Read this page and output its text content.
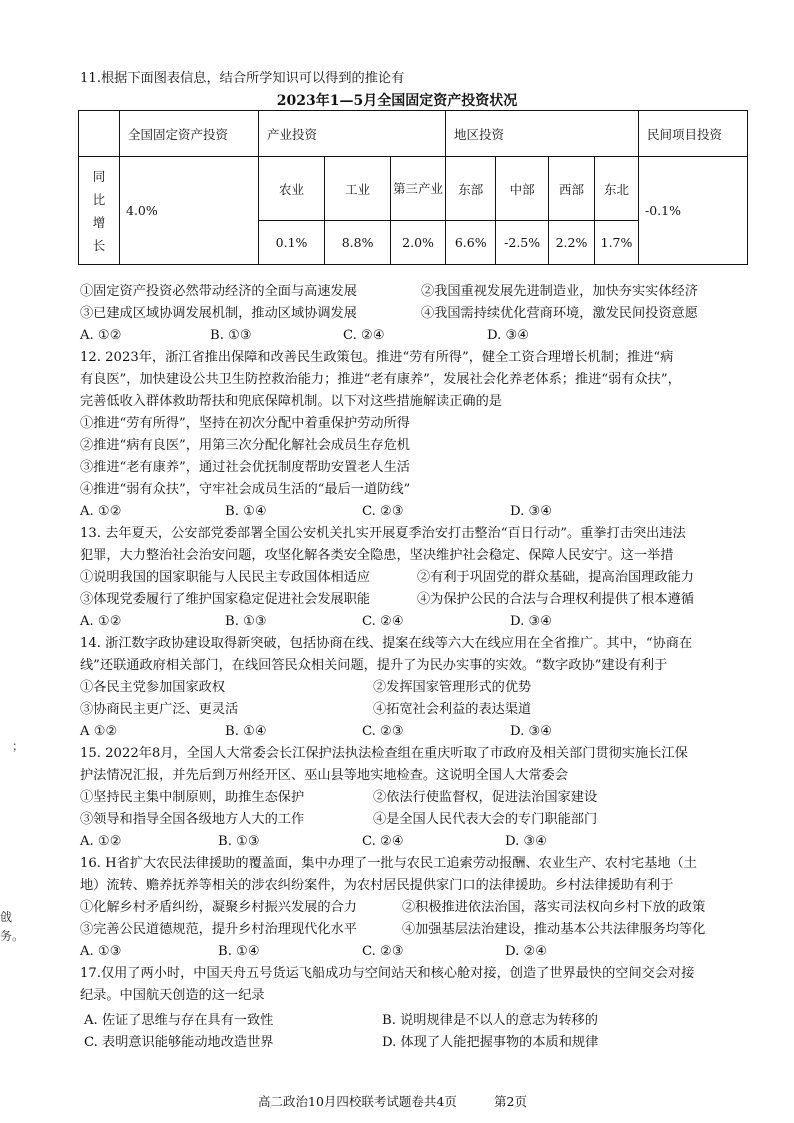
；
戗
务。
11.根据下面图表信息，结合所学知识可以得到的推论有
2023年1—5月全国固定资产投资状况
	全国固定资产投资	产业投资			地区投资				民间项目投资
同
比
增
长	4.0%	农业	工业	第三产业	东部	中部	西部	东北	-0.1%
		0.1%	8.8%	2.0%	6.6%	-2.5%	2.2%	1.7%	
①固定资产投资必然带动经济的全面与高速发展	②我国重视发展先进制造业，加快夯实实体经济
③已建成区域协调发展机制，推动区域协调发展	④我国需持续优化营商环境，激发民间投资意愿
A. ①②	B. ①③	C. ②④	D. ③④
12. 2023年，浙江省推出保障和改善民生政策包。推进“劳有所得”，健全工资合理增长机制；推进“病
有良医”，加快建设公共卫生防控救治能力；推进“老有康养”，发展社会化养老体系；推进“弱有众扶”，
完善低收入群体救助帮扶和兜底保障机制。以下对这些措施解读正确的是
①推进“劳有所得”，坚持在初次分配中着重保护劳动所得
②推进“病有良医”，用第三次分配化解社会成员生存危机
③推进“老有康养”，通过社会优抚制度帮助安置老人生活
④推进“弱有众扶”，守牢社会成员生活的“最后一道防线”
A. ①②	B. ①④	C. ②③	D. ③④
13. 去年夏天，公安部党委部署全国公安机关扎实开展夏季治安打击整治“百日行动”。重拳打击突出违法
犯罪，大力整治社会治安问题，攻坚化解各类安全隐患，坚决维护社会稳定、保障人民安宁。这一举措
①说明我国的国家职能与人民民主专政国体相适应	②有利于巩固党的群众基础，提高治国理政能力
③体现党委履行了维护国家稳定促进社会发展职能	④为保护公民的合法与合理权利提供了根本遵循
A. ①②	B. ①③	C. ②④	D. ③④
14. 浙江数字政协建设取得新突破，包括协商在线、提案在线等六大在线应用在全省推广。其中，“协商在
线”还联通政府相关部门，在线回答民众相关问题，提升了为民办实事的实效。“数字政协”建设有利于
①各民主党参加国家政权	②发挥国家管理形式的优势
③协商民主更广泛、更灵活	④拓宽社会利益的表达渠道
A ①②	B. ①④	C. ②③	D. ③④
15. 2022年8月，全国人大常委会长江保护法执法检查组在重庆听取了市政府及相关部门贯彻实施长江保
护法情况汇报，并先后到万州经开区、巫山县等地实地检查。这说明全国人大常委会
①坚持民主集中制原则，助推生态保护	②依法行使监督权，促进法治国家建设
③领导和指导全国各级地方人大的工作	④是全国人民代表大会的专门职能部门
A. ①②	B. ①③	C. ②④	D. ③④
16. H省扩大农民法律援助的覆盖面，集中办理了一批与农民工追索劳动报酬、农业生产、农村宅基地（土
地）流转、赡养抚养等相关的涉农纠纷案件，为农村居民提供家门口的法律援助。乡村法律援助有利于
①化解乡村矛盾纠纷，凝聚乡村振兴发展的合力	②积极推进依法治国，落实司法权向乡村下放的政策
③完善公民道德规范，提升乡村治理现代化水平	④加强基层法治建设，推动基本公共法律服务均等化
A. ①③	B. ①④	C. ②③	D. ②④
17.仅用了两小时，中国天舟五号货运飞船成功与空间站天和核心舱对接，创造了世界最快的空间交会对接
纪录。中国航天创造的这一纪录
A. 佐证了思维与存在具有一致性	B. 说明规律是不以人的意志为转移的
C. 表明意识能够能动地改造世界	D. 体现了人能把握事物的本质和规律
高二政治10月四校联考试题卷共4页	第2页
